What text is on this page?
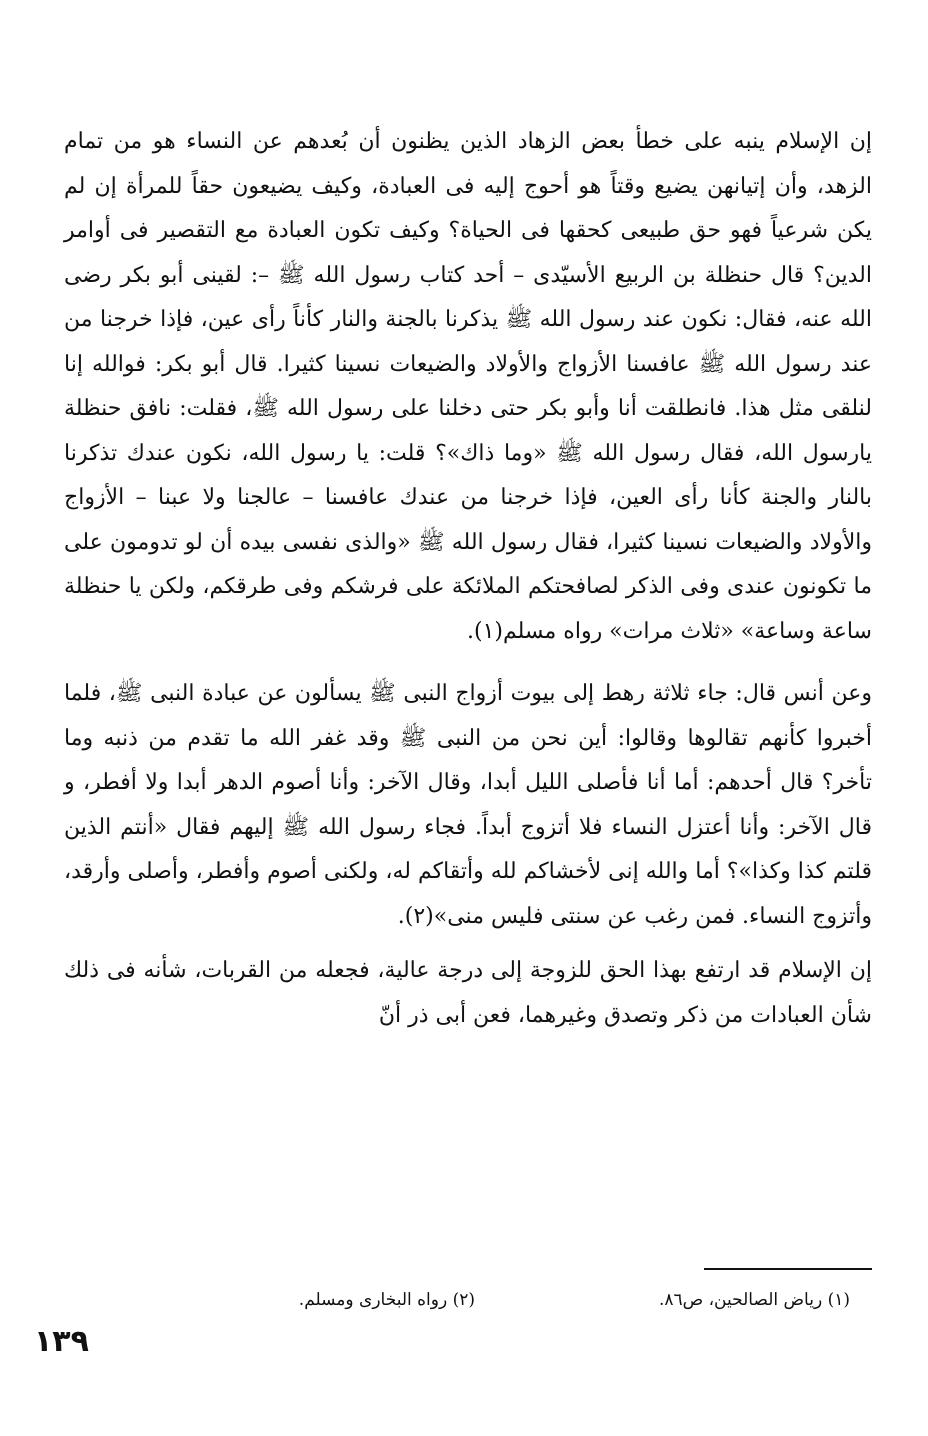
إن الإسلام ينبه على خطأ بعض الزهاد الذين يظنون أن بُعدهم عن النساء هو من تمام الزهد، وأن إتيانهن يضيع وقتاً هو أحوج إليه فى العبادة، وكيف يضيعون حقاً للمرأة إن لم يكن شرعياً فهو حق طبيعى كحقها فى الحياة؟ وكيف تكون العبادة مع التقصير فى أوامر الدين؟ قال حنظلة بن الربيع الأسيّدى – أحد كتاب رسول الله ﷺ –: لقينى أبو بكر رضى الله عنه، فقال: نكون عند رسول الله ﷺ يذكرنا بالجنة والنار كأناً رأى عين، فإذا خرجنا من عند رسول الله ﷺ عافسنا الأزواج والأولاد والضيعات نسينا كثيرا. قال أبو بكر: فوالله إنا لنلقى مثل هذا. فانطلقت أنا وأبو بكر حتى دخلنا على رسول الله ﷺ، فقلت: نافق حنظلة يارسول الله، فقال رسول الله ﷺ «وما ذاك»؟ قلت: يا رسول الله، نكون عندك تذكرنا بالنار والجنة كأنا رأى العين، فإذا خرجنا من عندك عافسنا – عالجنا ولا عبنا – الأزواج والأولاد والضيعات نسينا كثيرا، فقال رسول الله ﷺ «والذى نفسى بيده أن لو تدومون على ما تكونون عندى وفى الذكر لصافحتكم الملائكة على فرشكم وفى طرقكم، ولكن يا حنظلة ساعة وساعة» «ثلاث مرات» رواه مسلم(١).

وعن أنس قال: جاء ثلاثة رهط إلى بيوت أزواج النبى ﷺ يسألون عن عبادة النبى ﷺ، فلما أخبروا كأنهم تقالوها وقالوا: أين نحن من النبى ﷺ وقد غفر الله ما تقدم من ذنبه وما تأخر؟ قال أحدهم: أما أنا فأصلى الليل أبدا، وقال الآخر: وأنا أصوم الدهر أبدا ولا أفطر، و قال الآخر: وأنا أعتزل النساء فلا أتزوج أبداً. فجاء رسول الله ﷺ إليهم فقال «أنتم الذين قلتم كذا وكذا»؟ أما والله إنى لأخشاكم لله وأتقاكم له، ولكنى أصوم وأفطر، وأصلى وأرقد، وأتزوج النساء. فمن رغب عن سنتى فليس منى»(٢).

إن الإسلام قد ارتفع بهذا الحق للزوجة إلى درجة عالية، فجعله من القربات، شأنه فى ذلك شأن العبادات من ذكر وتصدق وغيرهما، فعن أبى ذر أنّ

(١) رياض الصالحين، ص٨٦.
(٢) رواه البخارى ومسلم.
١٣٩
